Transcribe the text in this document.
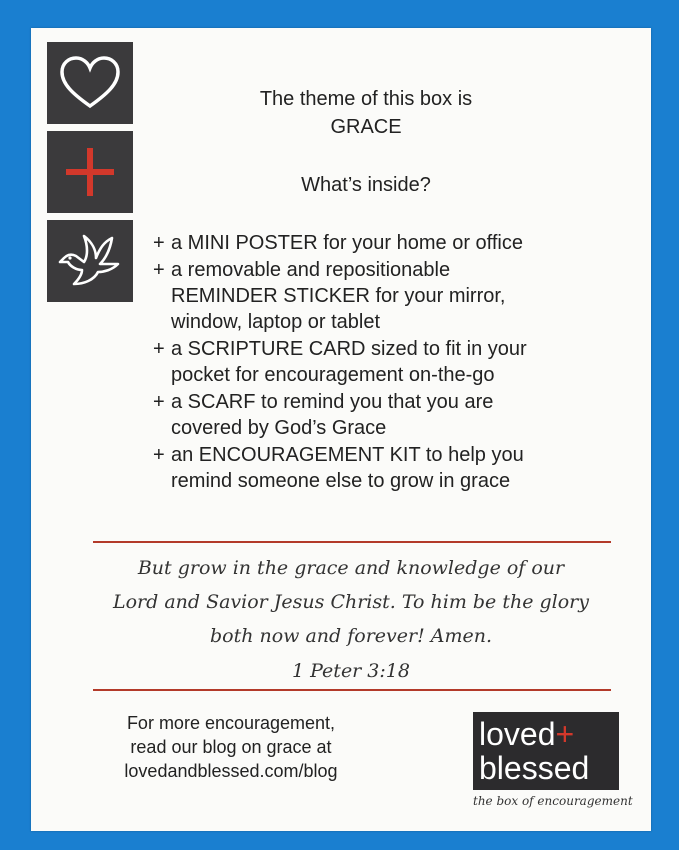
The theme of this box is
GRACE
What’s inside?
+ a MINI POSTER for your home or office
+ a removable and repositionable
REMINDER STICKER for your mirror,
window, laptop or tablet
+ a SCRIPTURE CARD sized to fit in your
pocket for encouragement on-the-go
+ a SCARF to remind you that you are
covered by God’s Grace
+ an ENCOURAGEMENT KIT to help you
remind someone else to grow in grace
But grow in the grace and knowledge of our
Lord and Savior Jesus Christ. To him be the glory
both now and forever! Amen.
1 Peter 3:18
For more encouragement,
read our blog on grace at
lovedandblessed.com/blog
loved+
blessed
the box of encouragement
